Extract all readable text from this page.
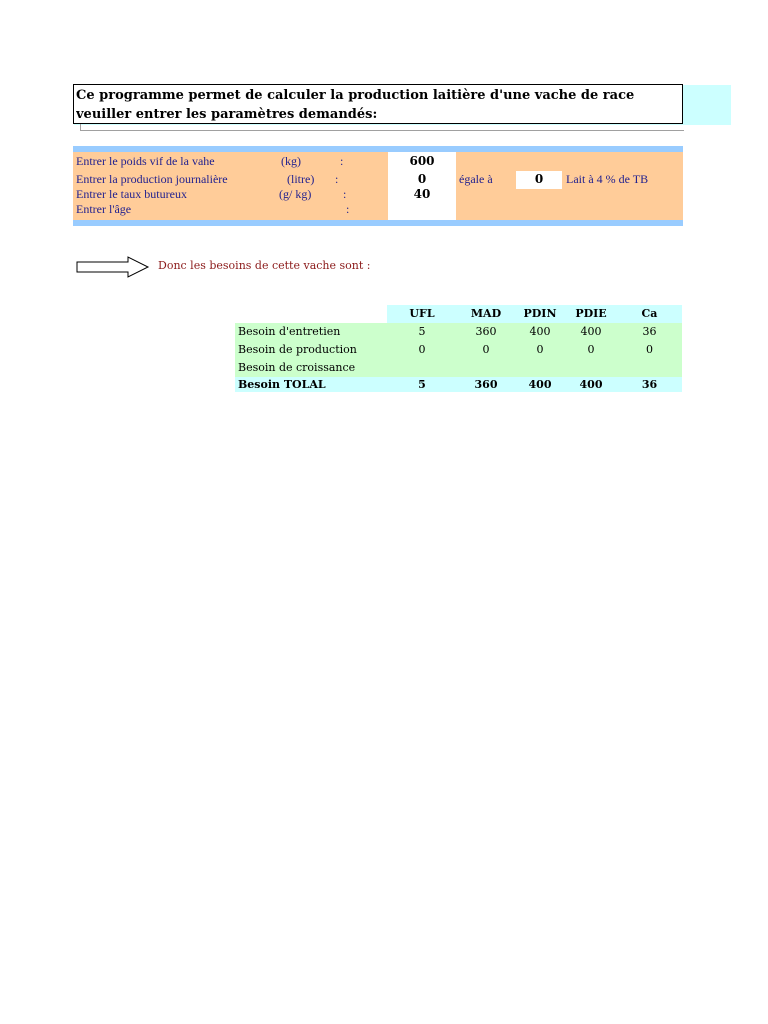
Ce programme permet de calculer la production laitière d'une vache de race
veuiller entrer les paramètres demandés:
Entrer le poids vif de la vahe	(kg)	:	600
Entrer la production journalière	(litre) :	0	égale à	0	Lait à 4 % de TB
Entrer le taux butureux	(g/ kg)	:	40
Entrer l'âge	:
Donc les besoins de cette vache sont :
	UFL	MAD	PDIN	PDIE	Ca
Besoin d'entretien	5	360	400	400	36
Besoin de production	0	0	0	0	0
Besoin de croissance					
Besoin TOLAL	5	360	400	400	36
